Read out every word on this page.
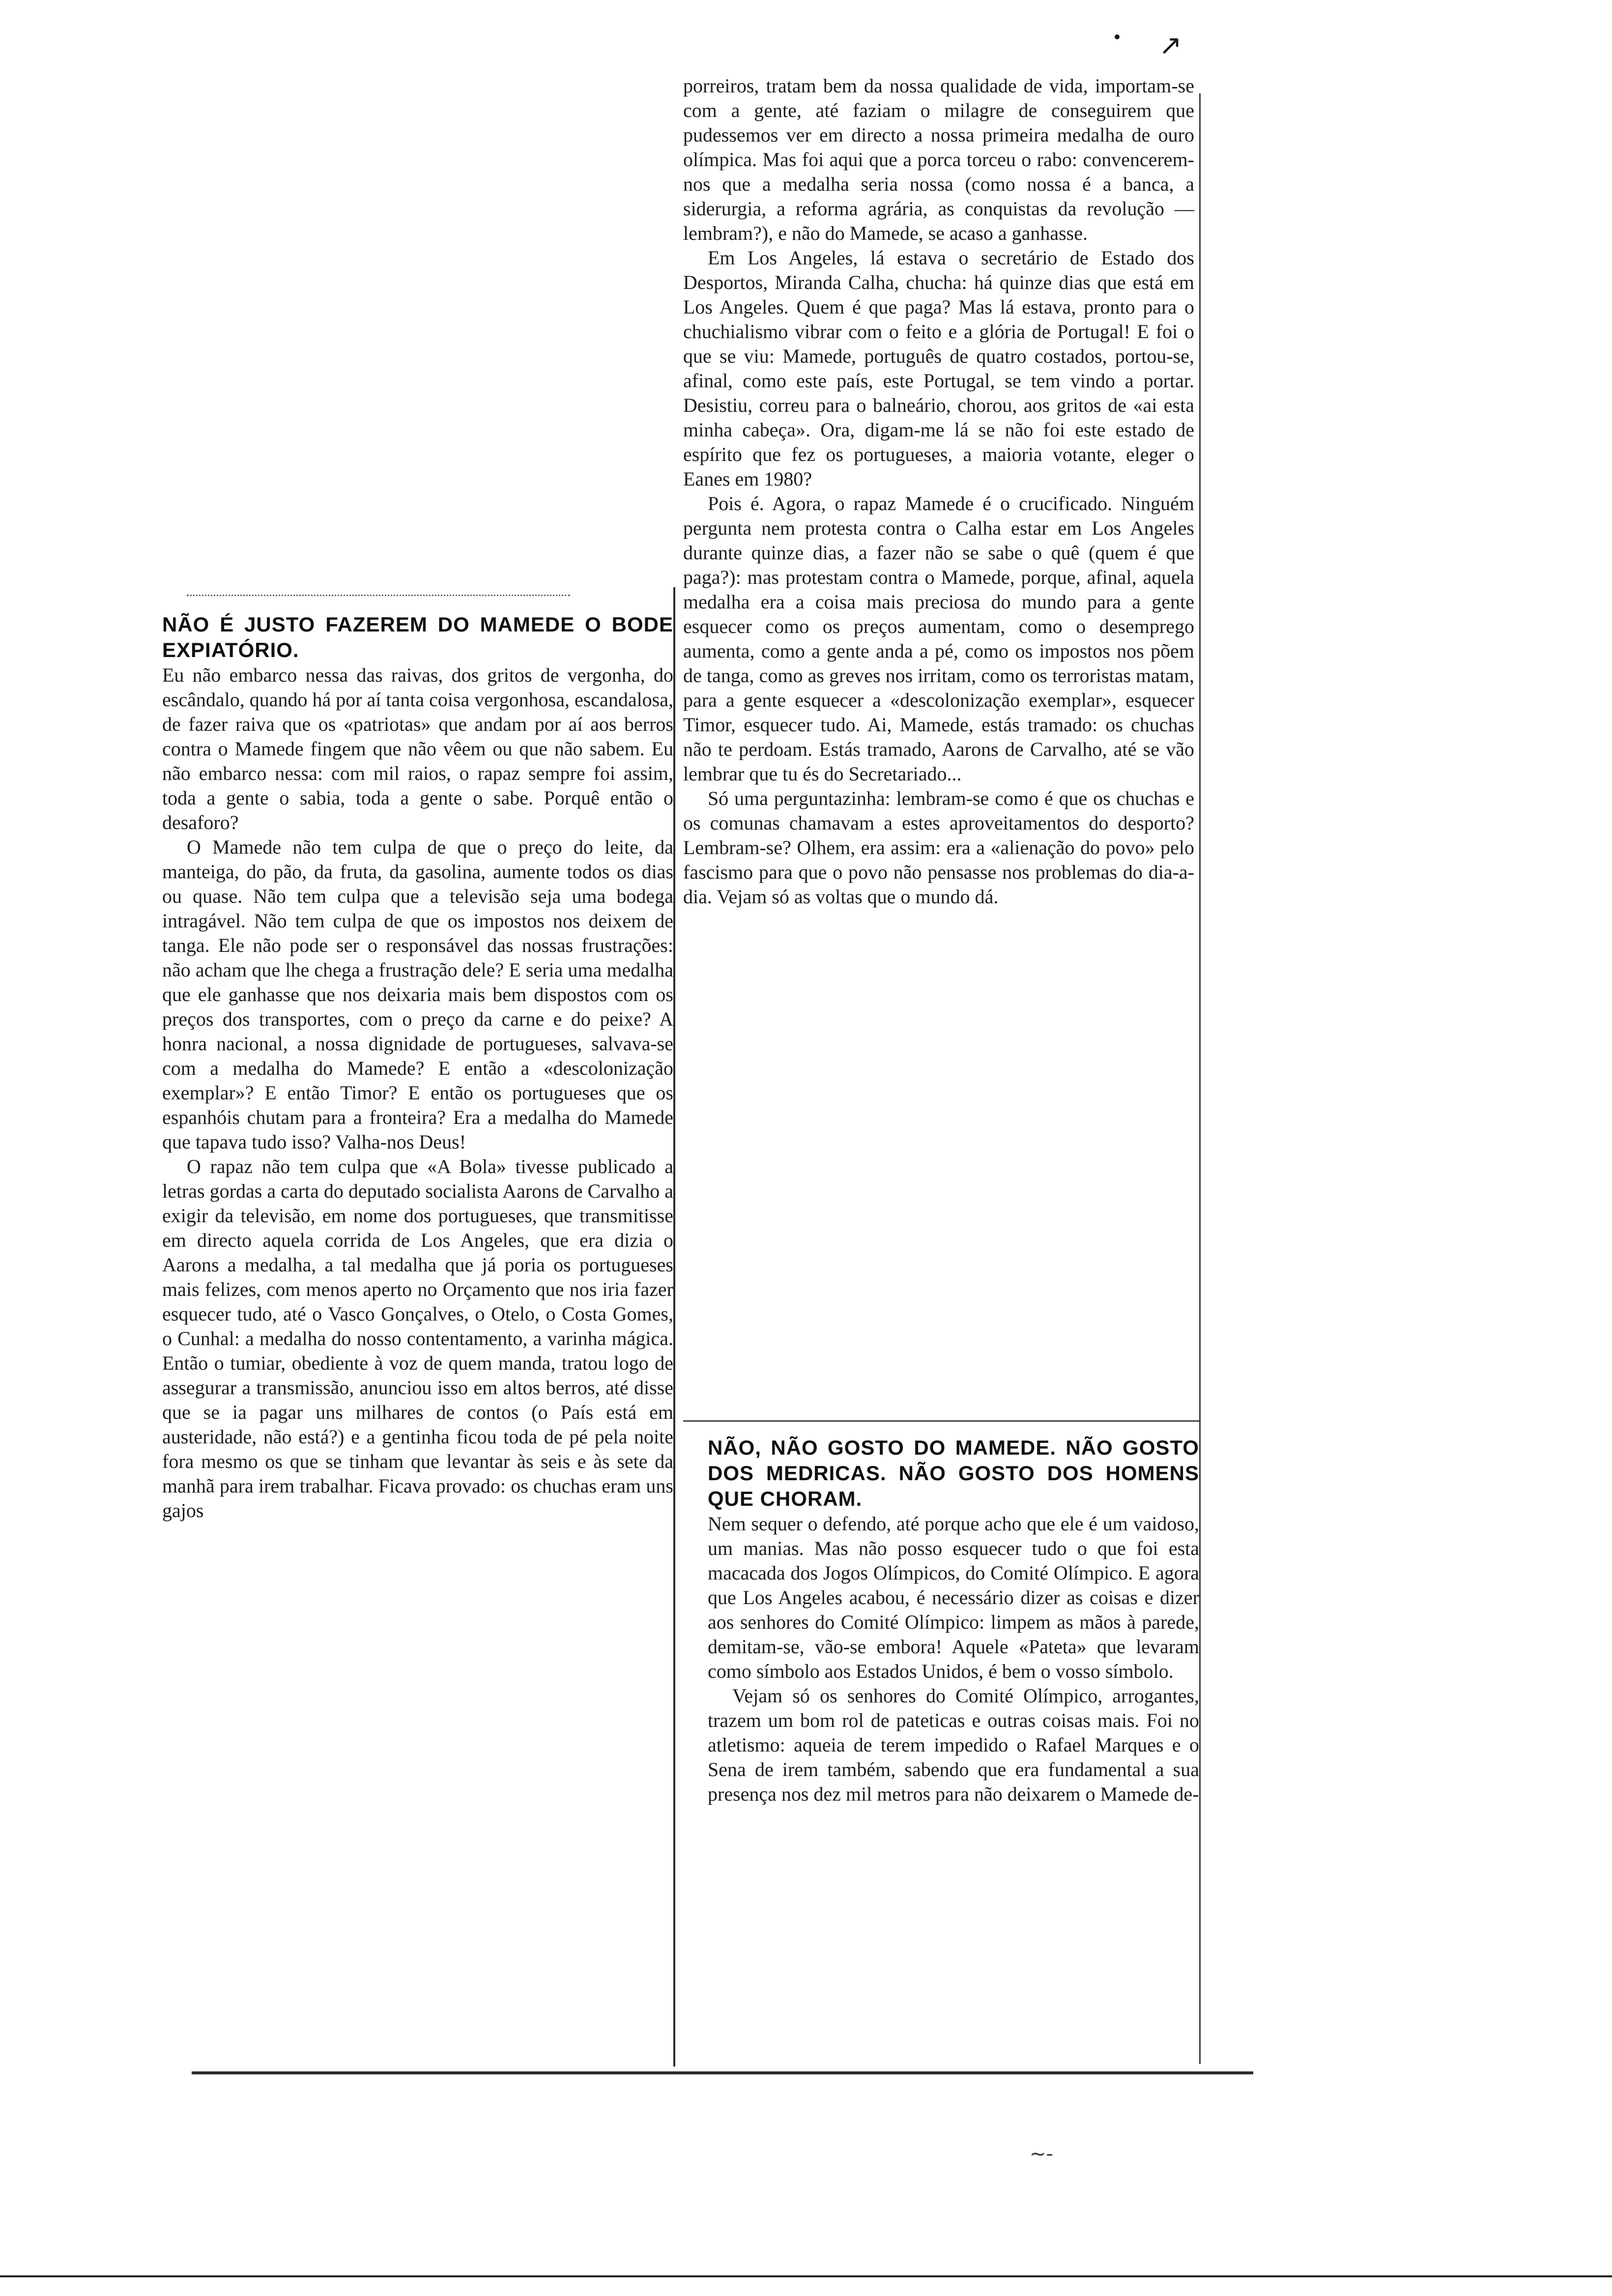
↗

porreiros, tratam bem da nossa qualidade de vida, importam-se com a gente, até faziam o milagre de conseguirem que pudessemos ver em directo a nossa primeira medalha de ouro olímpica. Mas foi aqui que a porca torceu o rabo: convencerem-nos que a medalha seria nossa (como nossa é a banca, a siderurgia, a reforma agrária, as conquistas da revolução — lembram?), e não do Mamede, se acaso a ganhasse.

Em Los Angeles, lá estava o secretário de Estado dos Desportos, Miranda Calha, chucha: há quinze dias que está em Los Angeles. Quem é que paga? Mas lá estava, pronto para o chuchialismo vibrar com o feito e a glória de Portugal! E foi o que se viu: Mamede, português de quatro costados, portou-se, afinal, como este país, este Portugal, se tem vindo a portar. Desistiu, correu para o balneário, chorou, aos gritos de «ai esta minha cabeça». Ora, digam-me lá se não foi este estado de espírito que fez os portugueses, a maioria votante, eleger o Eanes em 1980?

Pois é. Agora, o rapaz Mamede é o crucificado. Ninguém pergunta nem protesta contra o Calha estar em Los Angeles durante quinze dias, a fazer não se sabe o quê (quem é que paga?): mas protestam contra o Mamede, porque, afinal, aquela medalha era a coisa mais preciosa do mundo para a gente esquecer como os preços aumentam, como o desemprego aumenta, como a gente anda a pé, como os impostos nos põem de tanga, como as greves nos irritam, como os terroristas matam, para a gente esquecer a «descolonização exemplar», esquecer Timor, esquecer tudo. Ai, Mamede, estás tramado: os chuchas não te perdoam. Estás tramado, Aarons de Carvalho, até se vão lembrar que tu és do Secretariado...

Só uma perguntazinha: lembram-se como é que os chuchas e os comunas chamavam a estes aproveitamentos do desporto? Lembram-se? Olhem, era assim: era a «alienação do povo» pelo fascismo para que o povo não pensasse nos problemas do dia-a-dia. Vejam só as voltas que o mundo dá.

NÃO É JUSTO FAZEREM DO MAMEDE O BODE EXPIATÓRIO.

Eu não embarco nessa das raivas, dos gritos de vergonha, do escândalo, quando há por aí tanta coisa vergonhosa, escandalosa, de fazer raiva que os «patriotas» que andam por aí aos berros contra o Mamede fingem que não vêem ou que não sabem. Eu não embarco nessa: com mil raios, o rapaz sempre foi assim, toda a gente o sabia, toda a gente o sabe. Porquê então o desaforo?

O Mamede não tem culpa de que o preço do leite, da manteiga, do pão, da fruta, da gasolina, aumente todos os dias ou quase. Não tem culpa que a televisão seja uma bodega intragável. Não tem culpa de que os impostos nos deixem de tanga. Ele não pode ser o responsável das nossas frustrações: não acham que lhe chega a frustração dele? E seria uma medalha que ele ganhasse que nos deixaria mais bem dispostos com os preços dos transportes, com o preço da carne e do peixe? A honra nacional, a nossa dignidade de portugueses, salvava-se com a medalha do Mamede? E então a «descolonização exemplar»? E então Timor? E então os portugueses que os espanhóis chutam para a fronteira? Era a medalha do Mamede que tapava tudo isso? Valha-nos Deus!

O rapaz não tem culpa que «A Bola» tivesse publicado a letras gordas a carta do deputado socialista Aarons de Carvalho a exigir da televisão, em nome dos portugueses, que transmitisse em directo aquela corrida de Los Angeles, que era dizia o Aarons a medalha, a tal medalha que já poria os portugueses mais felizes, com menos aperto no Orçamento que nos iria fazer esquecer tudo, até o Vasco Gonçalves, o Otelo, o Costa Gomes, o Cunhal: a medalha do nosso contentamento, a varinha mágica. Então o tumiar, obediente à voz de quem manda, tratou logo de assegurar a transmissão, anunciou isso em altos berros, até disse que se ia pagar uns milhares de contos (o País está em austeridade, não está?) e a gentinha ficou toda de pé pela noite fora mesmo os que se tinham que levantar às seis e às sete da manhã para irem trabalhar. Ficava provado: os chuchas eram uns gajos

NÃO, NÃO GOSTO DO MAMEDE. NÃO GOSTO DOS MEDRICAS. NÃO GOSTO DOS HOMENS QUE CHORAM.

Nem sequer o defendo, até porque acho que ele é um vaidoso, um manias. Mas não posso esquecer tudo o que foi esta macacada dos Jogos Olímpicos, do Comité Olímpico. E agora que Los Angeles acabou, é necessário dizer as coisas e dizer aos senhores do Comité Olímpico: limpem as mãos à parede, demitam-se, vão-se embora! Aquele «Pateta» que levaram como símbolo aos Estados Unidos, é bem o vosso símbolo.

Vejam só os senhores do Comité Olímpico, arrogantes, trazem um bom rol de pateticas e outras coisas mais. Foi no atletismo: aqueia de terem impedido o Rafael Marques e o Sena de irem também, sabendo que era fundamental a sua presença nos dez mil metros para não deixarem o Mamede de-

~-
